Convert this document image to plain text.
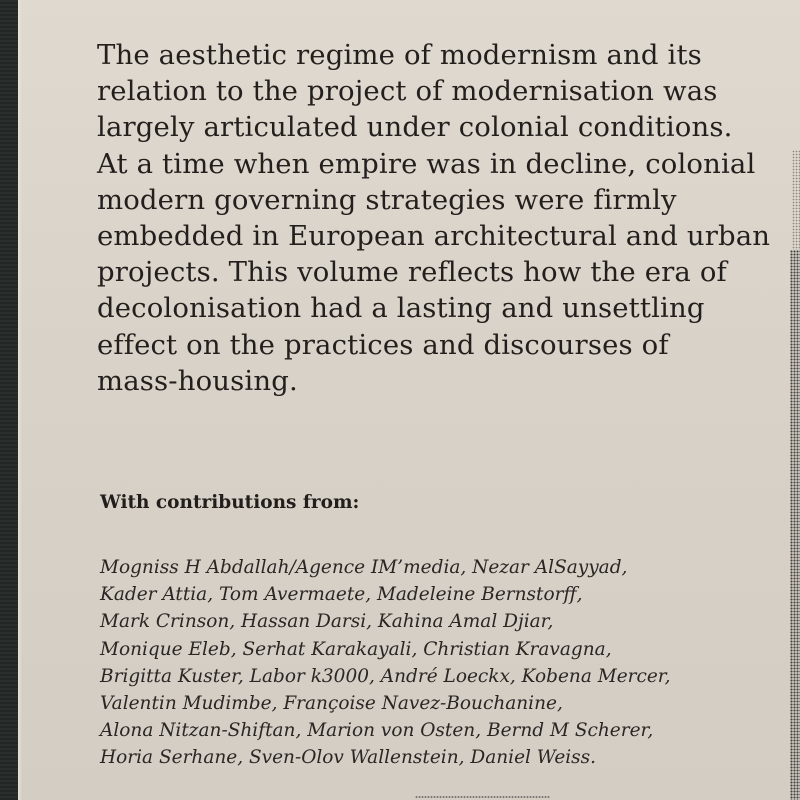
The aesthetic regime of modernism and its
relation to the project of modernisation was
largely articulated under colonial conditions.
At a time when empire was in decline, colonial
modern governing strategies were firmly
embedded in European architectural and urban
projects. This volume reflects how the era of
decolonisation had a lasting and unsettling
effect on the practices and discourses of
mass-housing.

With contributions from:

Mogniss H Abdallah/Agence IM’media, Nezar AlSayyad,
Kader Attia, Tom Avermaete, Madeleine Bernstorff,
Mark Crinson, Hassan Darsi, Kahina Amal Djiar,
Monique Eleb, Serhat Karakayali, Christian Kravagna,
Brigitta Kuster, Labor k3000, André Loeckx, Kobena Mercer,
Valentin Mudimbe, Françoise Navez-Bouchanine,
Alona Nitzan-Shiftan, Marion von Osten, Bernd M Scherer,
Horia Serhane, Sven-Olov Wallenstein, Daniel Weiss.
